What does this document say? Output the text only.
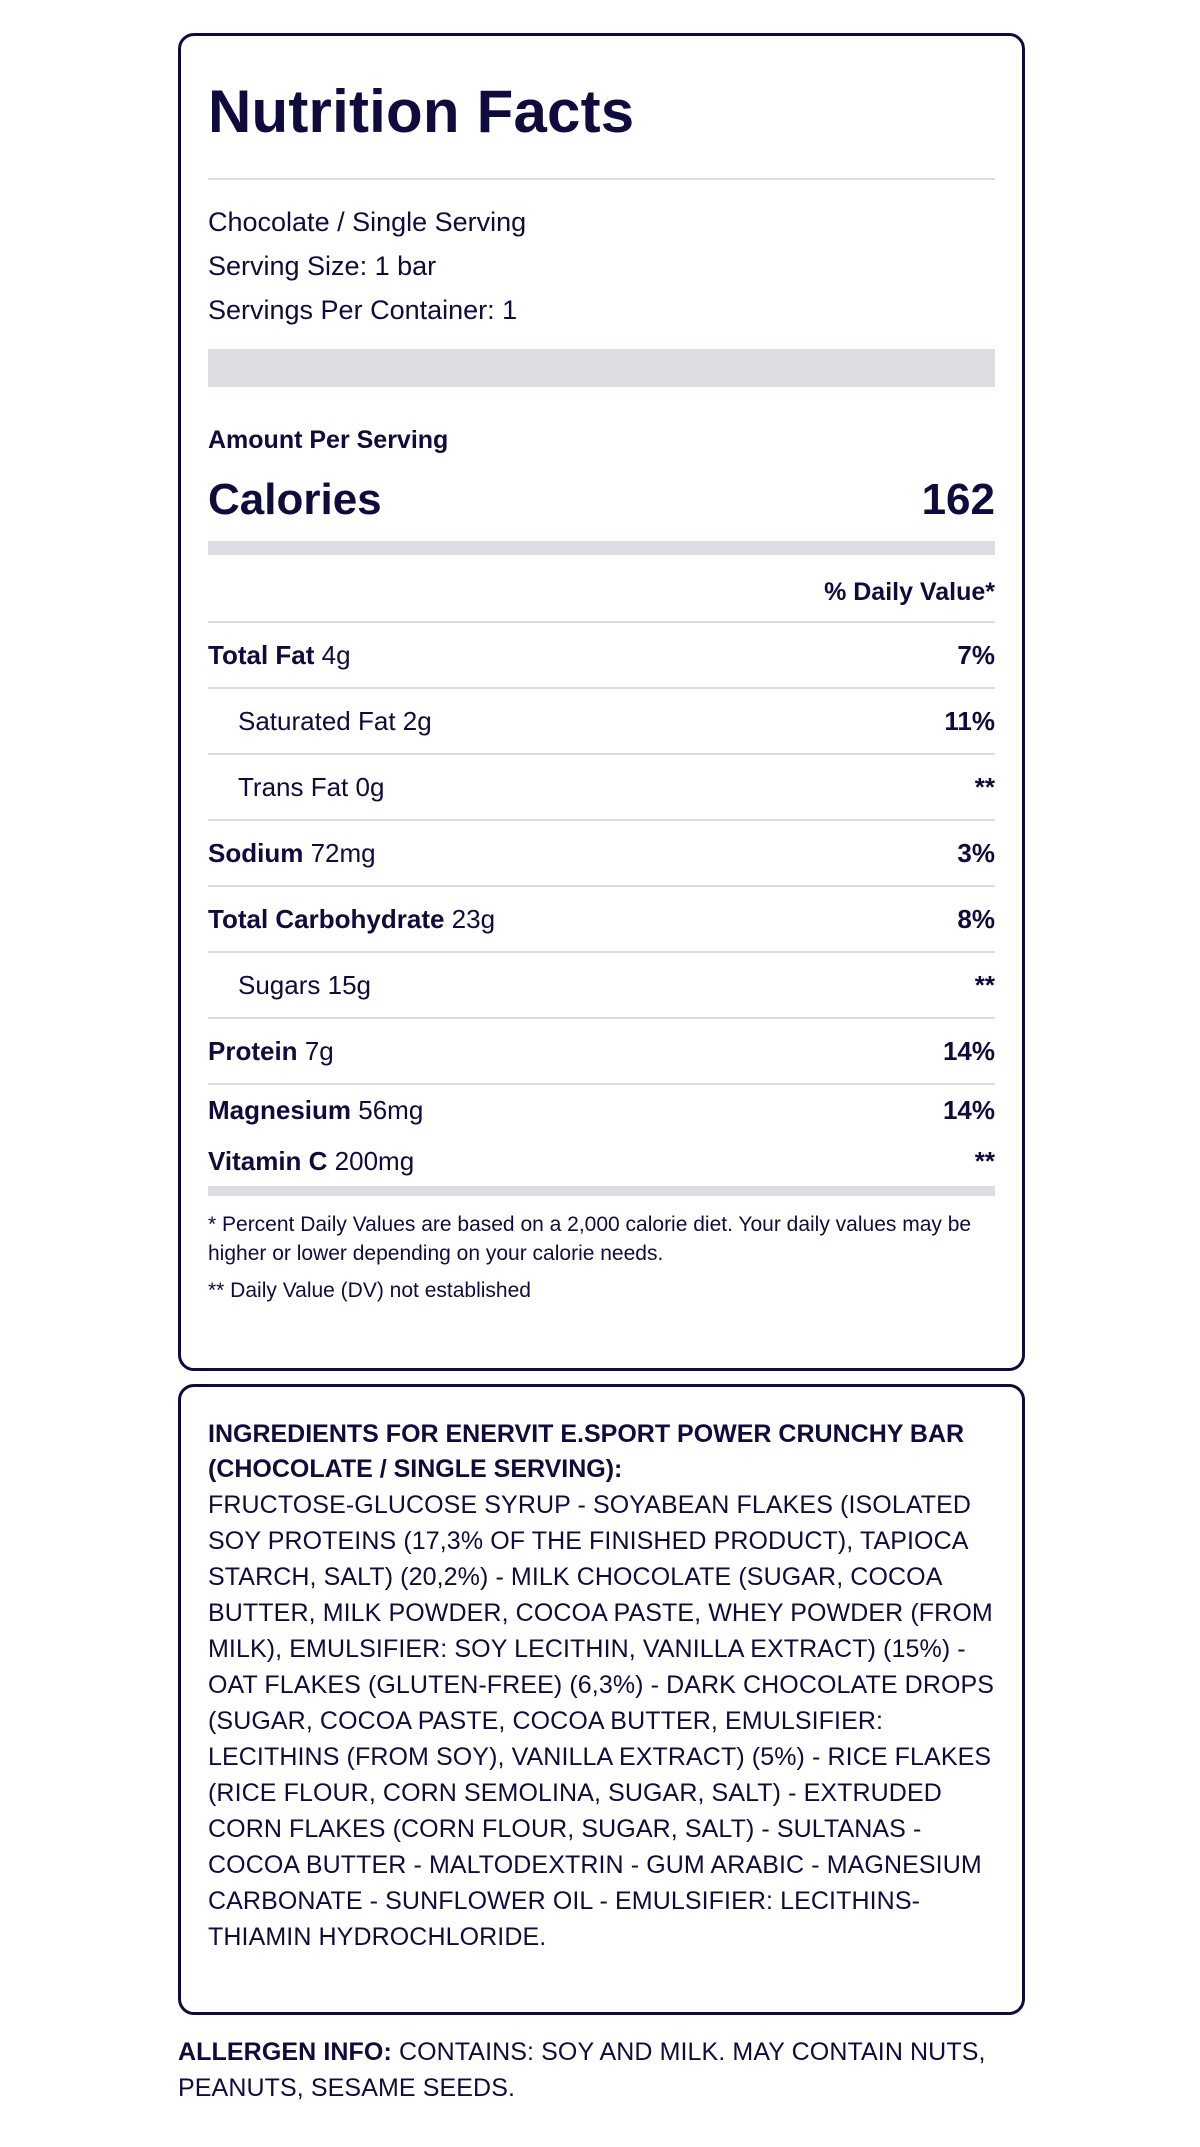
Nutrition Facts
Chocolate / Single Serving
Serving Size: 1 bar
Servings Per Container: 1
Amount Per Serving
Calories	162
% Daily Value*
Total Fat 4g	7%
Saturated Fat 2g	11%
Trans Fat 0g	**
Sodium 72mg	3%
Total Carbohydrate 23g	8%
Sugars 15g	**
Protein 7g	14%
Magnesium 56mg	14%
Vitamin C 200mg	**
* Percent Daily Values are based on a 2,000 calorie diet. Your daily values may be higher or lower depending on your calorie needs.
** Daily Value (DV) not established
INGREDIENTS FOR ENERVIT E.SPORT POWER CRUNCHY BAR (CHOCOLATE / SINGLE SERVING):
FRUCTOSE-GLUCOSE SYRUP - SOYABEAN FLAKES (ISOLATED SOY PROTEINS (17,3% OF THE FINISHED PRODUCT), TAPIOCA STARCH, SALT) (20,2%) - MILK CHOCOLATE (SUGAR, COCOA BUTTER, MILK POWDER, COCOA PASTE, WHEY POWDER (FROM MILK), EMULSIFIER: SOY LECITHIN, VANILLA EXTRACT) (15%) - OAT FLAKES (GLUTEN-FREE) (6,3%) - DARK CHOCOLATE DROPS (SUGAR, COCOA PASTE, COCOA BUTTER, EMULSIFIER: LECITHINS (FROM SOY), VANILLA EXTRACT) (5%) - RICE FLAKES (RICE FLOUR, CORN SEMOLINA, SUGAR, SALT) - EXTRUDED CORN FLAKES (CORN FLOUR, SUGAR, SALT) - SULTANAS - COCOA BUTTER - MALTODEXTRIN - GUM ARABIC - MAGNESIUM CARBONATE - SUNFLOWER OIL - EMULSIFIER: LECITHINS- THIAMIN HYDROCHLORIDE.
ALLERGEN INFO: CONTAINS: SOY AND MILK. MAY CONTAIN NUTS, PEANUTS, SESAME SEEDS.
